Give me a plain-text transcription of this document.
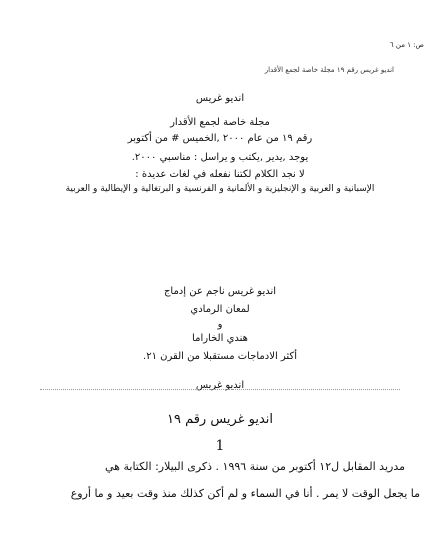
ص: ١ من ٦
انديو غريس رقم ١٩ مجلة خاصة لجمع الأقدار
انديو غريس
مجلة خاصة لجمع الأقدار
رقم ١٩ من عام ٢٠٠٠ ,الخميس # من أكتوبر
يوجد ,يدير ,يكتب و يراسل : مناسبي ٢٠٠٠.
لا نجد الكلام لكتنا نفعله في لغات عديدة :
الإسبانية و العربية و الإنجليزية و الألمانية و الفرنسية و البرتغالية و الإيطالية و العربية
انديو غريس ناجم عن إدماج
لمعان الرمادي
و
هندي الخاراما
أكثر الادماجات مستقبلا من القرن ٢١.
انديو غريس
انديو غريس رقم ١٩
1
مدريد المقابل ل١٢ أكتوبر من سنة ١٩٩٦ . ذكرى البيلار: الكتابة هي
ما يجعل الوقت لا يمر . أنا في السماء و لم أكن كذلك منذ وقت بعيد و ما أروع
